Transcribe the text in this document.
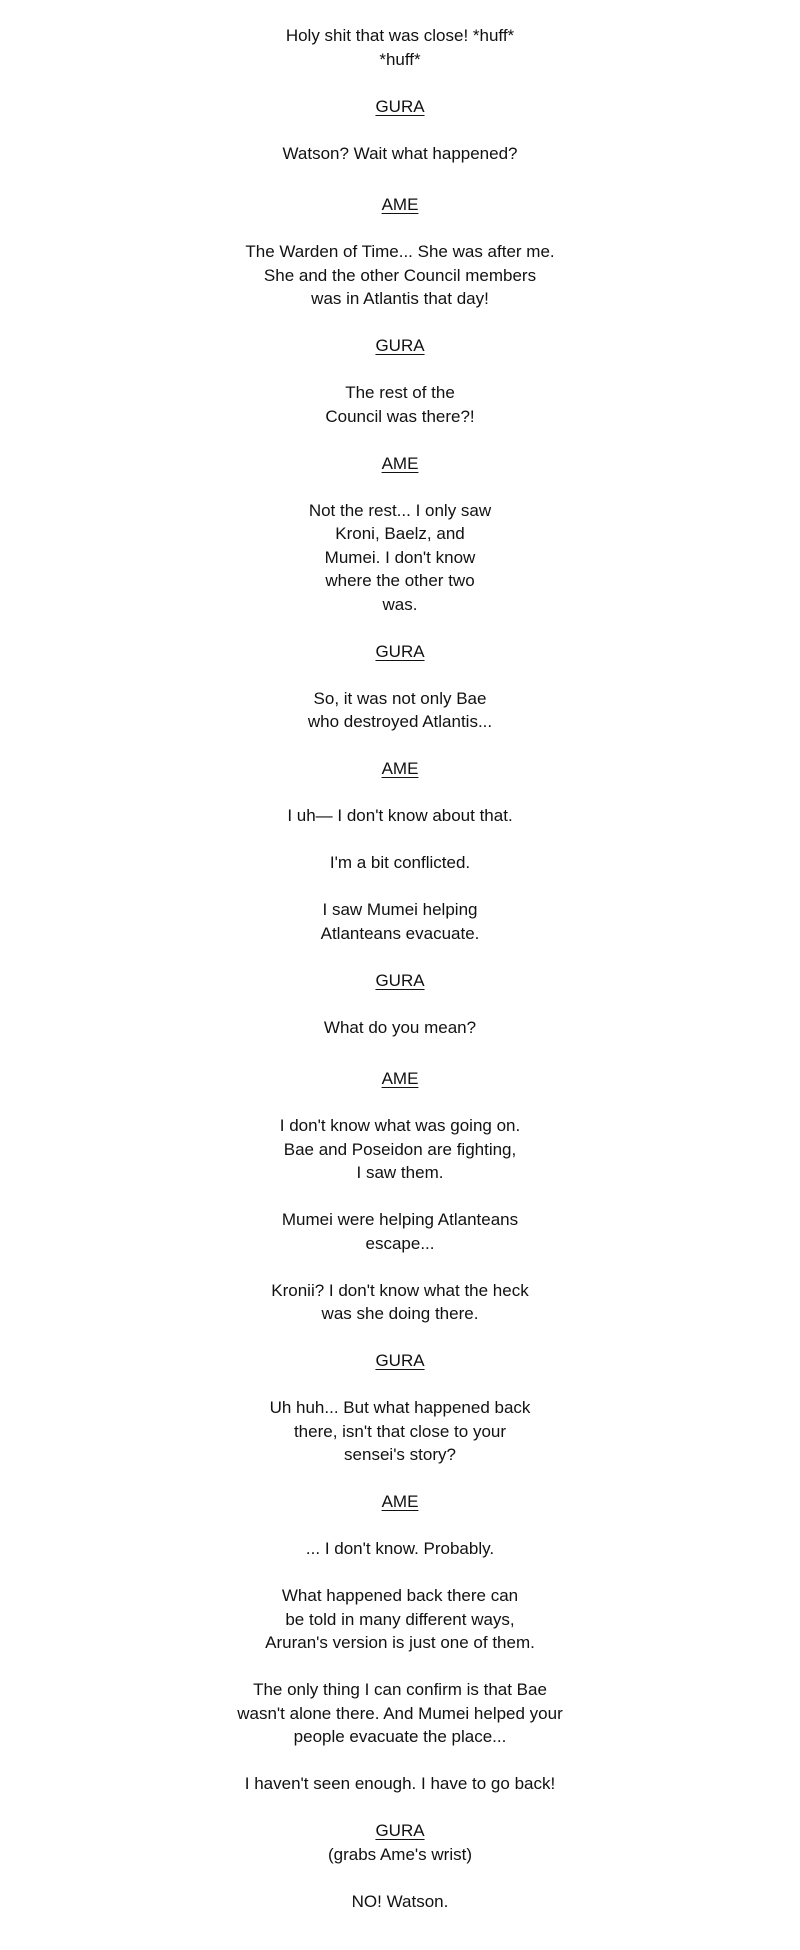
Holy shit that was close! *huff*
*huff*
GURA
Watson? Wait what happened?
AME
The Warden of Time... She was after me.
She and the other Council members
was in Atlantis that day!
GURA
The rest of the
Council was there?!
AME
Not the rest... I only saw
Kroni, Baelz, and
Mumei. I don't know
where the other two
was.
GURA
So, it was not only Bae
who destroyed Atlantis...
AME
I uh— I don't know about that.
I'm a bit conflicted.
I saw Mumei helping
Atlanteans evacuate.
GURA
What do you mean?
AME
I don't know what was going on.
Bae and Poseidon are fighting,
I saw them.
Mumei were helping Atlanteans
escape...
Kronii? I don't know what the heck
was she doing there.
GURA
Uh huh... But what happened back
there, isn't that close to your
sensei's story?
AME
... I don't know. Probably.
What happened back there can
be told in many different ways,
Aruran's version is just one of them.
The only thing I can confirm is that Bae
wasn't alone there. And Mumei helped your
people evacuate the place...
I haven't seen enough. I have to go back!
GURA
(grabs Ame's wrist)
NO! Watson.
